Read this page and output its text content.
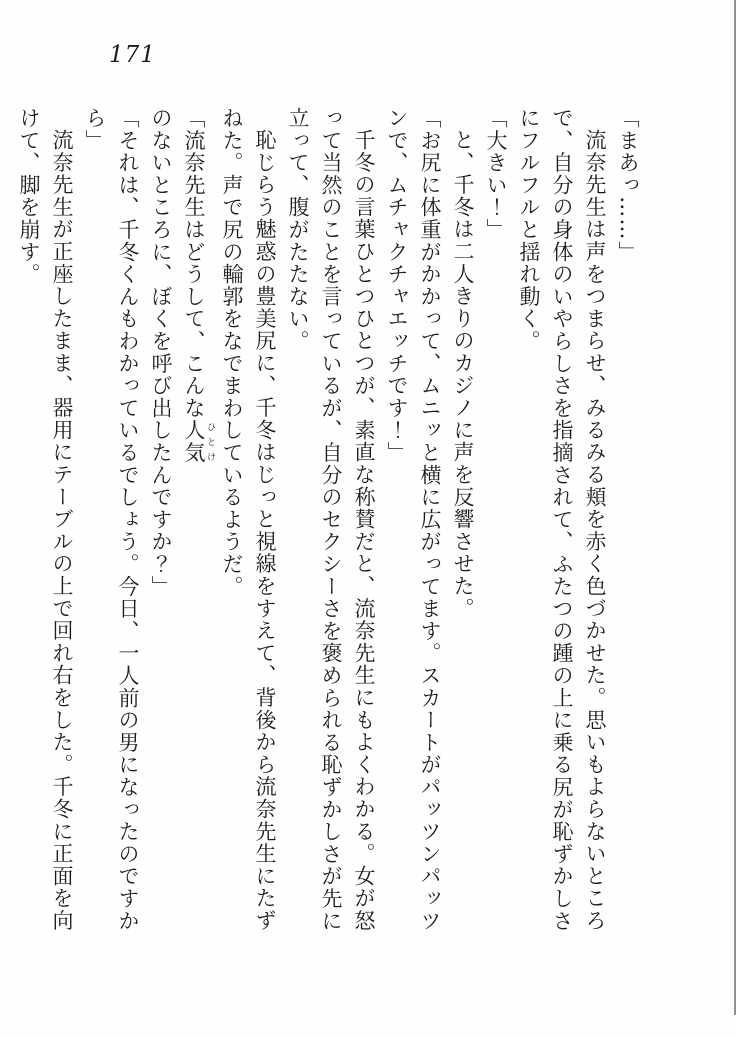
171

「まあっ……」

流奈先生は声をつまらせ、みるみる頬を赤く色づかせた。思いもよらないところで、自分の身体のいやらしさを指摘されて、ふたつの踵の上に乗る尻が恥ずかしさにフルフルと揺れ動く。

「大きい！」

と、千冬は二人きりのカジノに声を反響させた。

「お尻に体重がかかって、ムニッと横に広がってます。スカートがパッツンパッツンで、ムチャクチャエッチです！」

千冬の言葉ひとつひとつが、素直な称賛だと、流奈先生にもよくわかる。女が怒って当然のことを言っているが、自分のセクシーさを褒められる恥ずかしさが先に立って、腹がたたない。

恥じらう魅惑の豊美尻に、千冬はじっと視線をすえて、背後から流奈先生にたずねた。声で尻の輪郭をなでまわしているようだ。

「流奈先生はどうして、こんな人気 ひとけのないところに、ぼくを呼び出したんですか？」

「それは、千冬くんもわかっているでしょう。今日、一人前の男になったのですから」

流奈先生が正座したまま、器用にテーブルの上で回れ右をした。千冬に正面を向けて、脚を崩す。
